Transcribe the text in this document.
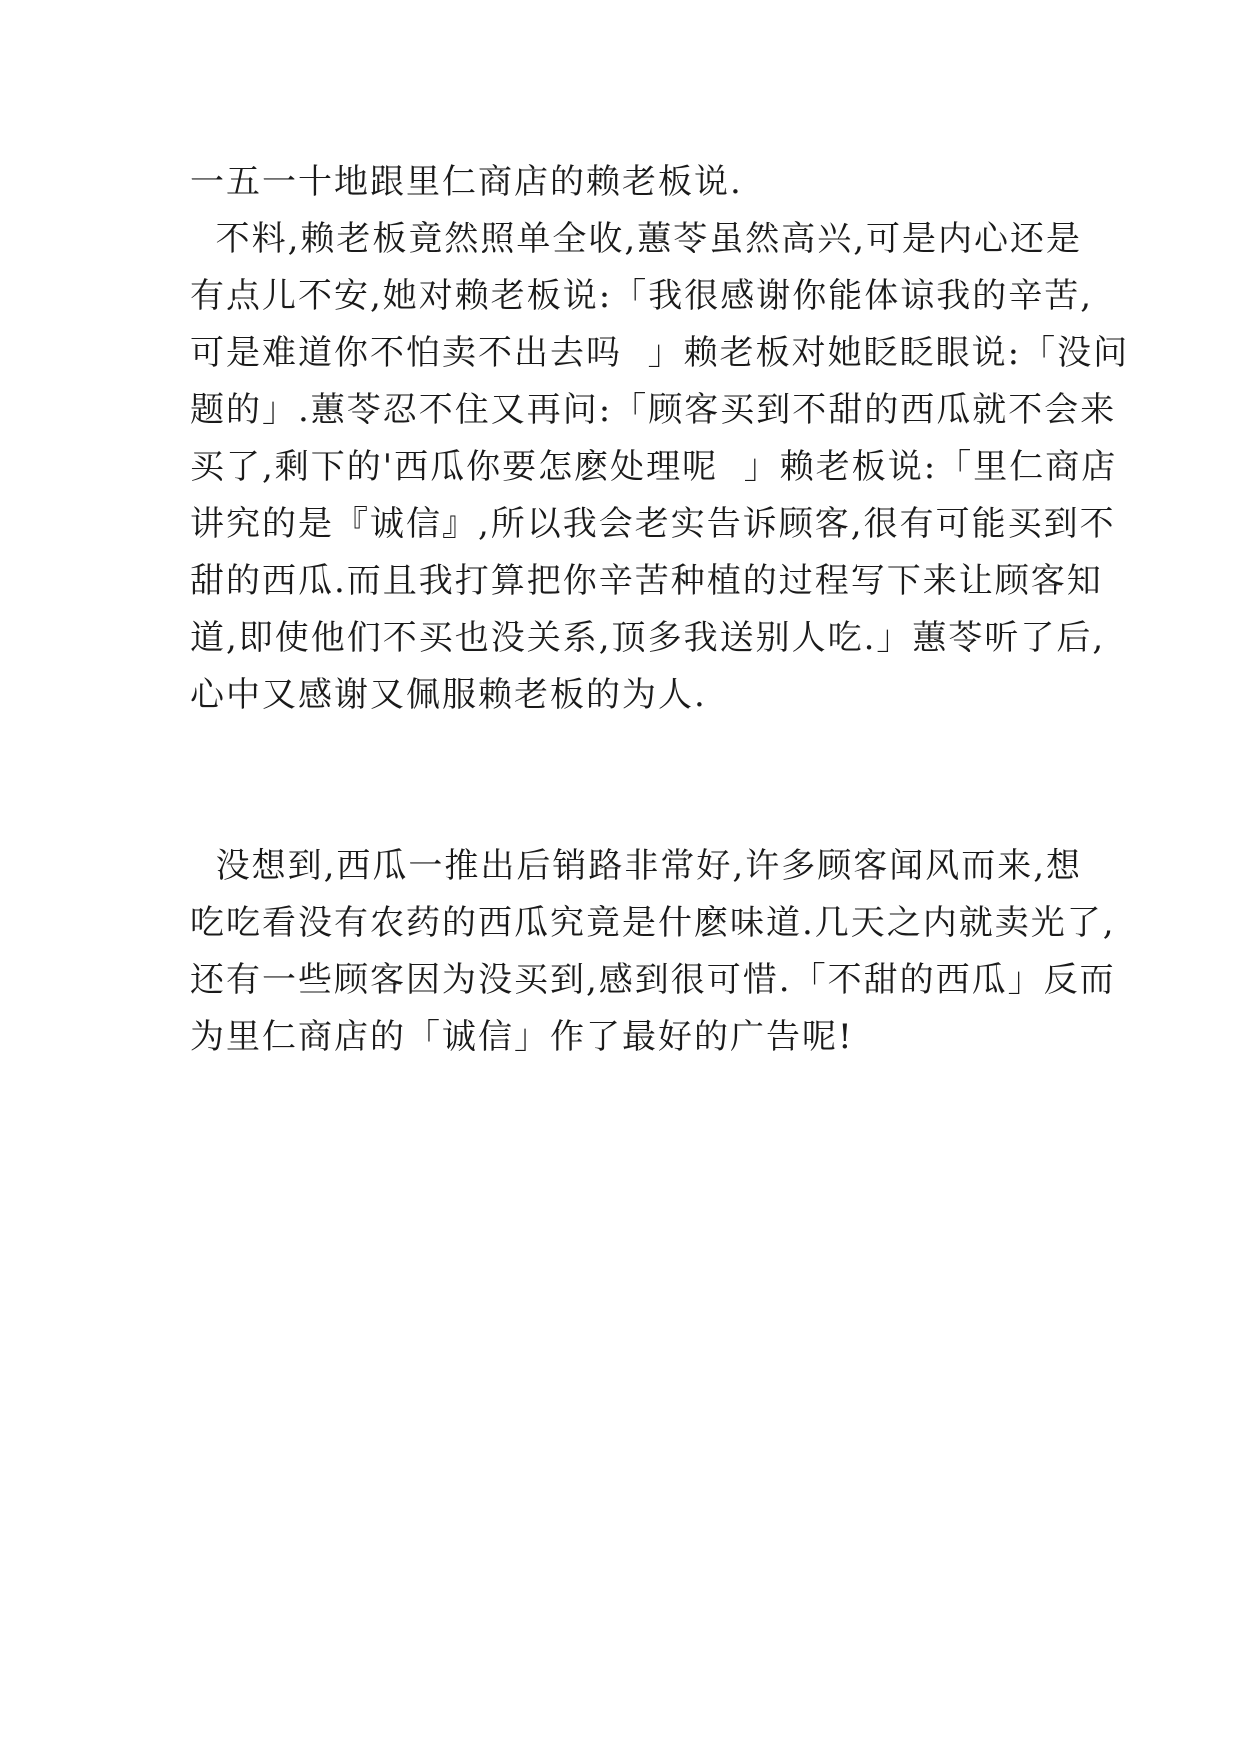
一五一十地跟里仁商店的赖老板说.
不料,赖老板竟然照单全收,蕙苓虽然高兴,可是内心还是
有点儿不安,她对赖老板说:「我很感谢你能体谅我的辛苦,
可是难道你不怕卖不出去吗  」赖老板对她眨眨眼说:「没问
题的」.蕙苓忍不住又再问:「顾客买到不甜的西瓜就不会来
买了,剩下的'西瓜你要怎麽处理呢  」赖老板说:「里仁商店
讲究的是『诚信』,所以我会老实告诉顾客,很有可能买到不
甜的西瓜.而且我打算把你辛苦种植的过程写下来让顾客知
道,即使他们不买也没关系,顶多我送别人吃.」蕙苓听了后,
心中又感谢又佩服赖老板的为人.
没想到,西瓜一推出后销路非常好,许多顾客闻风而来,想
吃吃看没有农药的西瓜究竟是什麽味道.几天之内就卖光了,
还有一些顾客因为没买到,感到很可惜.「不甜的西瓜」反而
为里仁商店的「诚信」作了最好的广告呢!
